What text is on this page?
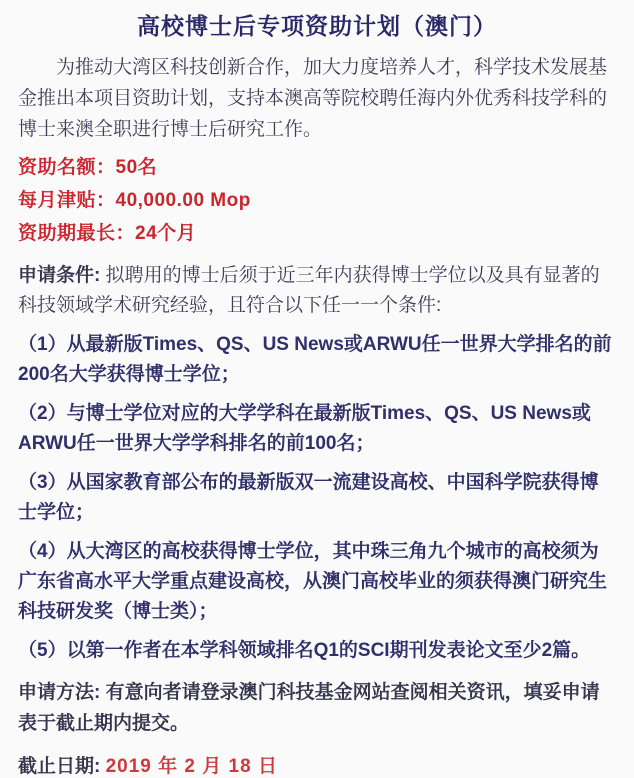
高校博士后专项资助计划（澳门）

为推动大湾区科技创新合作，加大力度培养人才，科学技术发展基金推出本项目资助计划，支持本澳高等院校聘任海内外优秀科技学科的博士来澳全职进行博士后研究工作。

资助名额：50名

每月津贴：40,000.00 Mop

资助期最长：24个月

申请条件: 拟聘用的博士后须于近三年内获得博士学位以及具有显著的科技领域学术研究经验，且符合以下任一一个条件:

（1）从最新版Times、QS、US News或ARWU任一世界大学排名的前200名大学获得博士学位；

（2）与博士学位对应的大学学科在最新版Times、QS、US News或ARWU任一世界大学学科排名的前100名；

（3）从国家教育部公布的最新版双一流建设高校、中国科学院获得博士学位；

（4）从大湾区的高校获得博士学位，其中珠三角九个城市的高校须为广东省高水平大学重点建设高校，从澳门高校毕业的须获得澳门研究生科技研发奖（博士类）；

（5）以第一作者在本学科领域排名Q1的SCI期刊发表论文至少2篇。

申请方法: 有意向者请登录澳门科技基金网站查阅相关资讯，填妥申请表于截止期内提交。

截止日期: 2019 年 2 月 18 日
